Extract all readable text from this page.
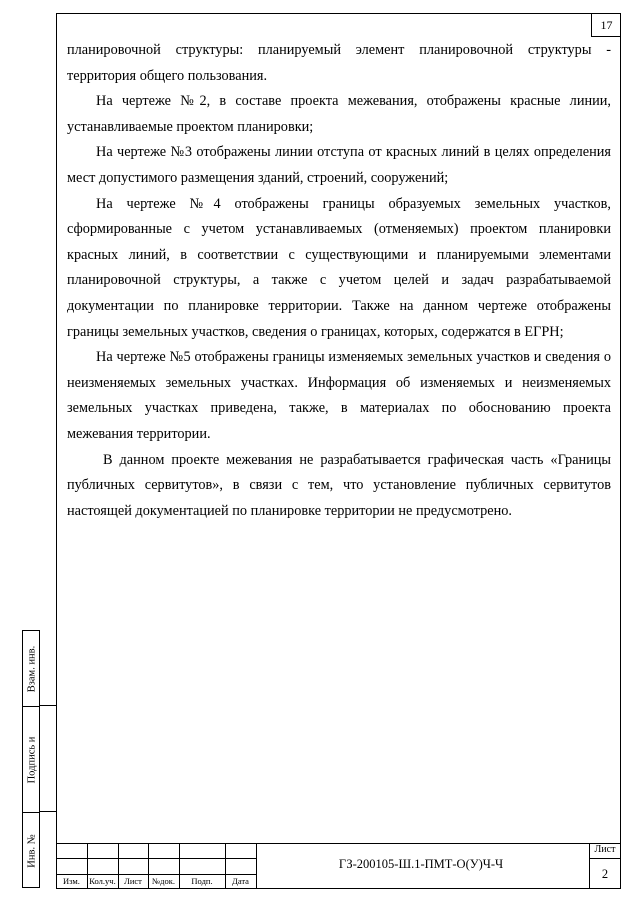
17

планировочной структуры: планируемый элемент планировочной структуры - территория общего пользования.

На чертеже №2, в составе проекта межевания, отображены красные линии, устанавливаемые проектом планировки;

На чертеже №3 отображены линии отступа от красных линий в целях определения мест допустимого размещения зданий, строений, сооружений;

На чертеже №4 отображены границы образуемых земельных участков, сформированные с учетом устанавливаемых (отменяемых) проектом планировки красных линий, в соответствии с существующими и планируемыми элементами планировочной структуры, а также с учетом целей и задач разрабатываемой документации по планировке территории. Также на данном чертеже отображены границы земельных участков, сведения о границах, которых, содержатся в ЕГРН;

На чертеже №5 отображены границы изменяемых земельных участков и сведения о неизменяемых земельных участках. Информация об изменяемых и неизменяемых земельных участках приведена, также, в материалах по обоснованию проекта межевания территории.

В данном проекте межевания не разрабатывается графическая часть «Границы публичных сервитутов», в связи с тем, что установление публичных сервитутов настоящей документацией по планировке территории не предусмотрено.

Взам. инв.
Подпись и
Инв. №
Изм.	Кол.уч. Лист	№док.	Подп.	Дата
ГЗ-200105-Ш.1-ПМТ-О(У)Ч-Ч
Лист
2
